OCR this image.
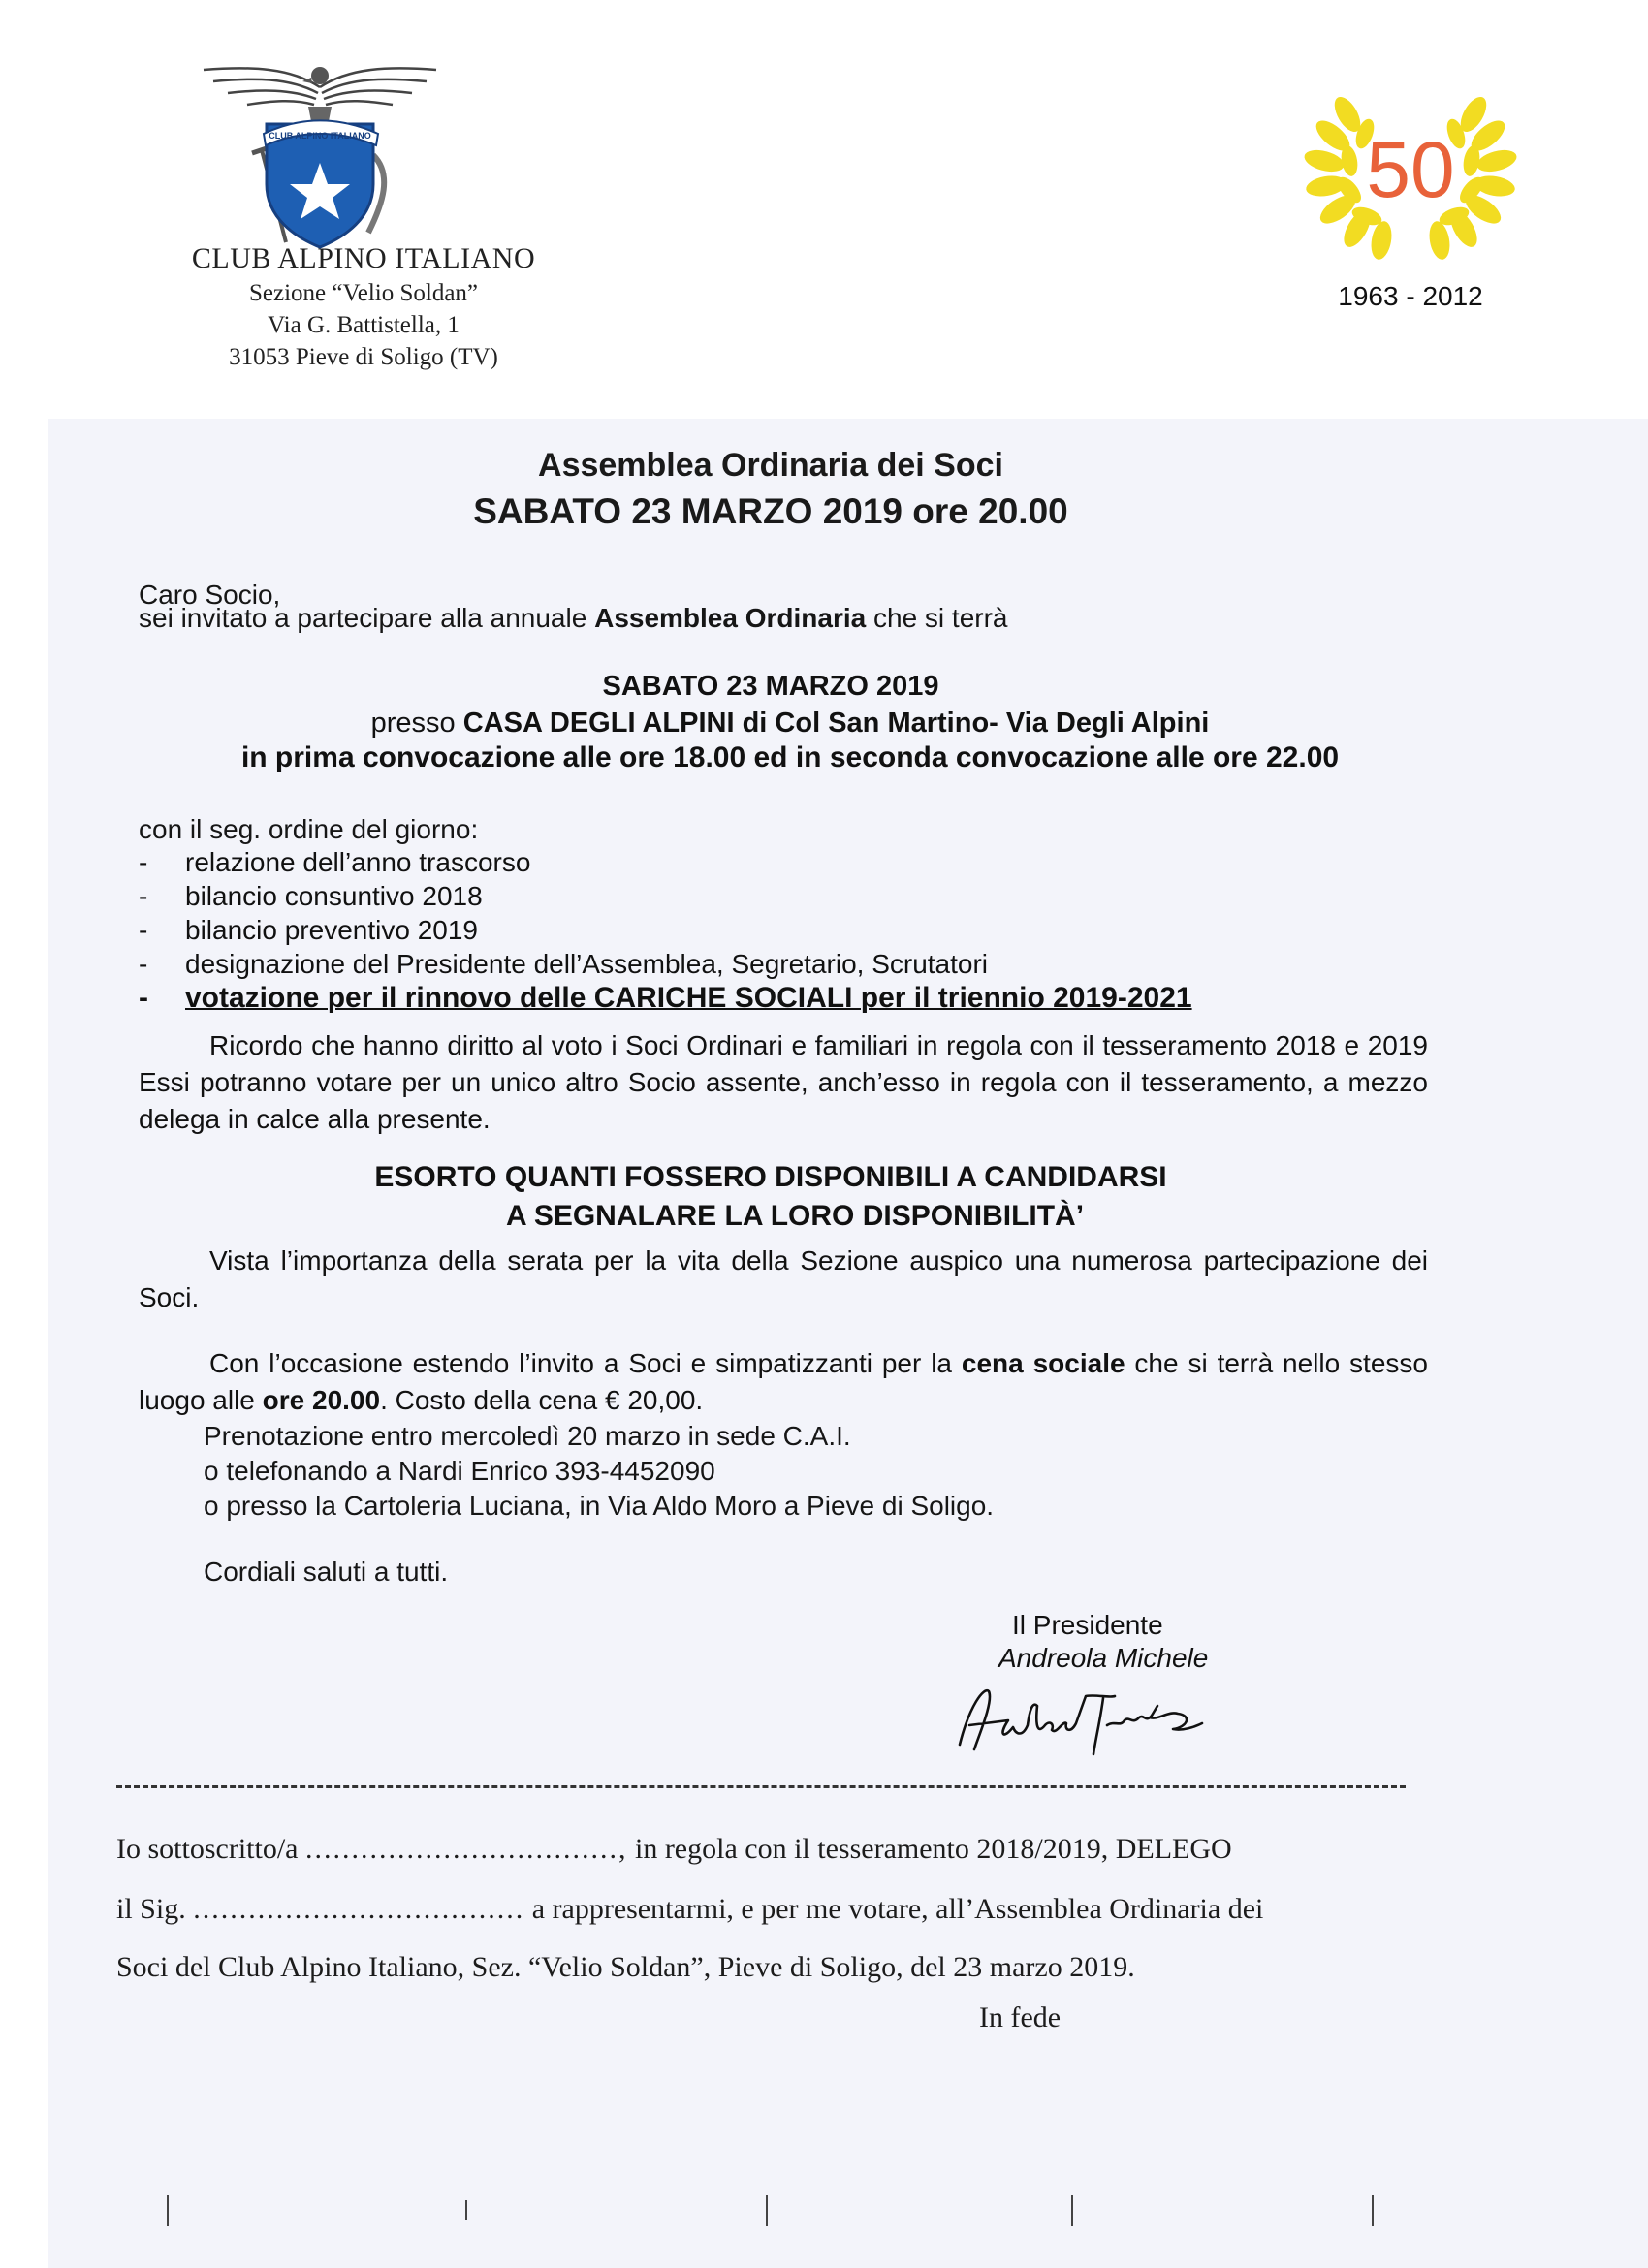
CLUB ALPINO ITALIANO
CLUB ALPINO ITALIANO
Sezione “Velio Soldan”
Via G. Battistella, 1
31053 Pieve di Soligo (TV)
50
1963 - 2012
Assemblea Ordinaria dei Soci
SABATO 23 MARZO 2019 ore 20.00
Caro Socio,
sei invitato a partecipare alla annuale Assemblea Ordinaria che si terrà
SABATO 23 MARZO 2019
presso CASA DEGLI ALPINI di Col San Martino- Via Degli Alpini
in prima convocazione alle ore 18.00 ed in seconda convocazione alle ore 22.00
con il seg. ordine del giorno:
- relazione dell’anno trascorso
- bilancio consuntivo 2018
- bilancio preventivo 2019
- designazione del Presidente dell’Assemblea, Segretario, Scrutatori
- votazione per il rinnovo delle CARICHE SOCIALI per il triennio 2019-2021
Ricordo che hanno diritto al voto i Soci Ordinari e familiari in regola con il tesseramento 2018 e 2019 Essi potranno votare per un unico altro Socio assente, anch’esso in regola con il tesseramento, a mezzo delega in calce alla presente.
ESORTO QUANTI FOSSERO DISPONIBILI A CANDIDARSI
A SEGNALARE LA LORO DISPONIBILITÀ’
Vista l’importanza della serata per la vita della Sezione auspico una numerosa partecipazione dei Soci.
Con l’occasione estendo l’invito a Soci e simpatizzanti per la cena sociale che si terrà nello stesso luogo alle ore 20.00. Costo della cena € 20,00.
Prenotazione entro mercoledì 20 marzo in sede C.A.I.
o telefonando a Nardi Enrico 393-4452090
o presso la Cartoleria Luciana, in Via Aldo Moro a Pieve di Soligo.
Cordiali saluti a tutti.
Il Presidente
Andreola Michele
Io sottoscritto/a .................................., in regola con il tesseramento 2018/2019, DELEGO
il Sig. .................................... a rappresentarmi, e per me votare, all’Assemblea Ordinaria dei
Soci del Club Alpino Italiano, Sez. “Velio Soldan”, Pieve di Soligo, del 23 marzo 2019.
In fede
